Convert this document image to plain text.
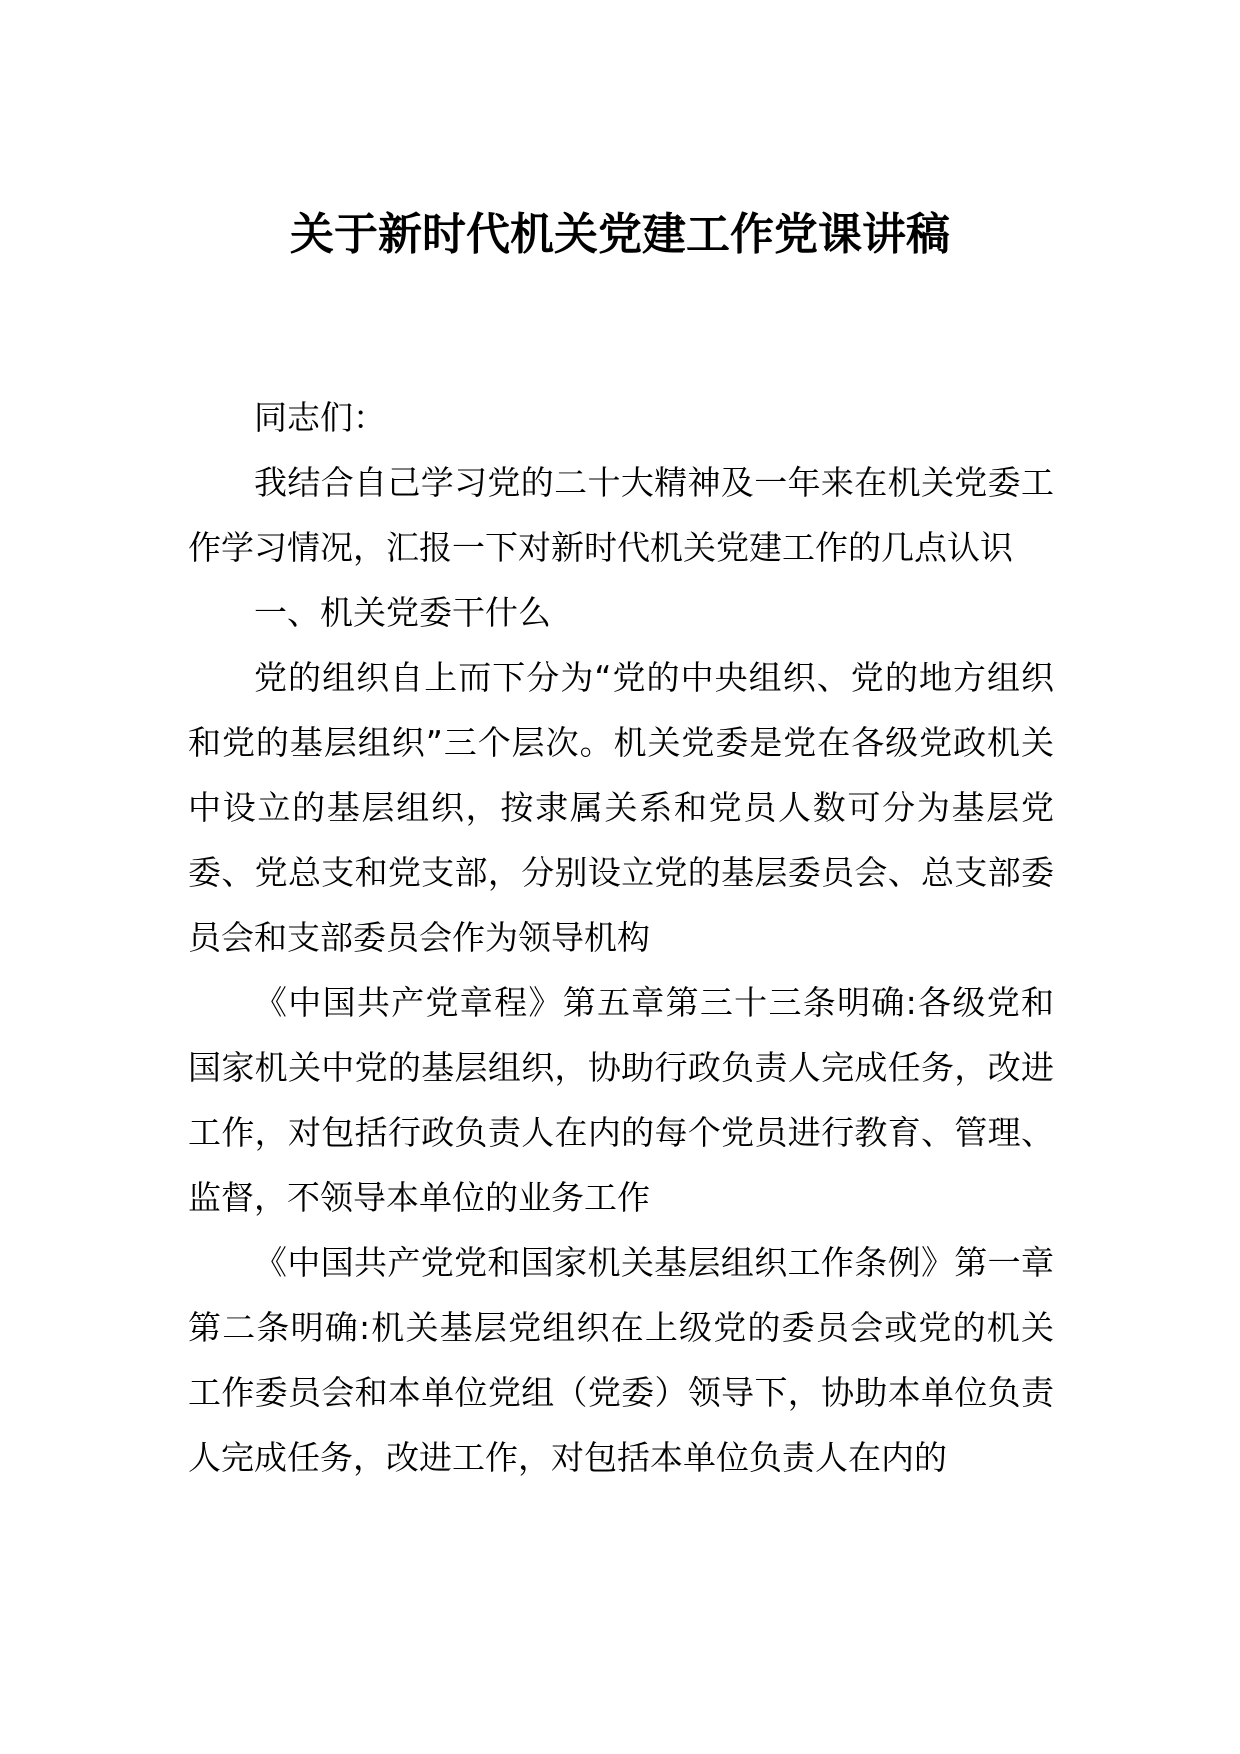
关于新时代机关党建工作党课讲稿

同志们：

我结合自己学习党的二十大精神及一年来在机关党委工作学习情况，汇报一下对新时代机关党建工作的几点认识

一、机关党委干什么

党的组织自上而下分为“党的中央组织、党的地方组织和党的基层组织”三个层次。机关党委是党在各级党政机关中设立的基层组织，按隶属关系和党员人数可分为基层党委、党总支和党支部，分别设立党的基层委员会、总支部委员会和支部委员会作为领导机构

《中国共产党章程》第五章第三十三条明确:各级党和国家机关中党的基层组织，协助行政负责人完成任务，改进工作，对包括行政负责人在内的每个党员进行教育、管理、监督，不领导本单位的业务工作

《中国共产党党和国家机关基层组织工作条例》第一章第二条明确:机关基层党组织在上级党的委员会或党的机关工作委员会和本单位党组（党委）领导下，协助本单位负责人完成任务，改进工作，对包括本单位负责人在内的
